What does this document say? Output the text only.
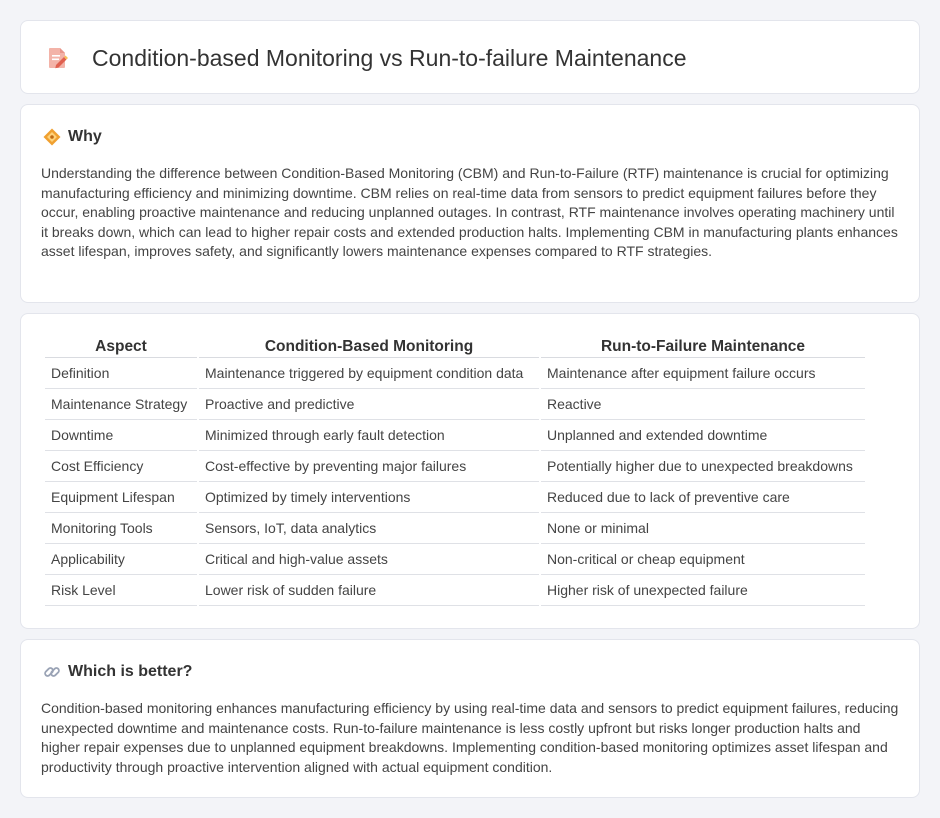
Condition-based Monitoring vs Run-to-failure Maintenance
Why

Understanding the difference between Condition-Based Monitoring (CBM) and Run-to-Failure (RTF) maintenance is crucial for optimizing manufacturing efficiency and minimizing downtime. CBM relies on real-time data from sensors to predict equipment failures before they occur, enabling proactive maintenance and reducing unplanned outages. In contrast, RTF maintenance involves operating machinery until it breaks down, which can lead to higher repair costs and extended production halts. Implementing CBM in manufacturing plants enhances asset lifespan, improves safety, and significantly lowers maintenance expenses compared to RTF strategies.

Aspect	Condition-Based Monitoring	Run-to-Failure Maintenance
Definition	Maintenance triggered by equipment condition data	Maintenance after equipment failure occurs
Maintenance Strategy	Proactive and predictive	Reactive
Downtime	Minimized through early fault detection	Unplanned and extended downtime
Cost Efficiency	Cost-effective by preventing major failures	Potentially higher due to unexpected breakdowns
Equipment Lifespan	Optimized by timely interventions	Reduced due to lack of preventive care
Monitoring Tools	Sensors, IoT, data analytics	None or minimal
Applicability	Critical and high-value assets	Non-critical or cheap equipment
Risk Level	Lower risk of sudden failure	Higher risk of unexpected failure
Which is better?

Condition-based monitoring enhances manufacturing efficiency by using real-time data and sensors to predict equipment failures, reducing unexpected downtime and maintenance costs. Run-to-failure maintenance is less costly upfront but risks longer production halts and higher repair expenses due to unplanned equipment breakdowns. Implementing condition-based monitoring optimizes asset lifespan and productivity through proactive intervention aligned with actual equipment condition.
